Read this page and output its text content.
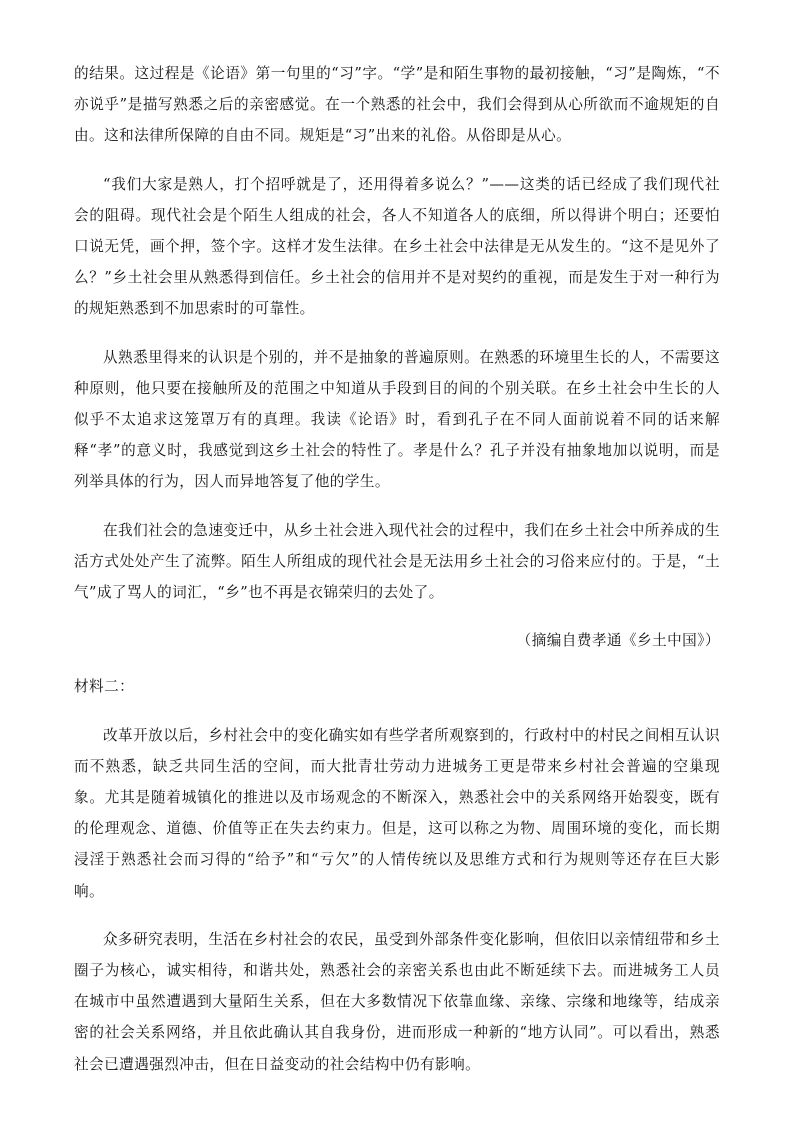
的结果。这过程是《论语》第一句里的“习”字。“学”是和陌生事物的最初接触，“习”是陶炼，“不亦说乎”是描写熟悉之后的亲密感觉。在一个熟悉的社会中，我们会得到从心所欲而不逾规矩的自由。这和法律所保障的自由不同。规矩是“习”出来的礼俗。从俗即是从心。

“我们大家是熟人，打个招呼就是了，还用得着多说么？”——这类的话已经成了我们现代社会的阻碍。现代社会是个陌生人组成的社会，各人不知道各人的底细，所以得讲个明白；还要怕口说无凭，画个押，签个字。这样才发生法律。在乡土社会中法律是无从发生的。“这不是见外了么？”乡土社会里从熟悉得到信任。乡土社会的信用并不是对契约的重视，而是发生于对一种行为的规矩熟悉到不加思索时的可靠性。

从熟悉里得来的认识是个别的，并不是抽象的普遍原则。在熟悉的环境里生长的人，不需要这种原则，他只要在接触所及的范围之中知道从手段到目的间的个别关联。在乡土社会中生长的人似乎不太追求这笼罩万有的真理。我读《论语》时，看到孔子在不同人面前说着不同的话来解释“孝”的意义时，我感觉到这乡土社会的特性了。孝是什么？孔子并没有抽象地加以说明，而是列举具体的行为，因人而异地答复了他的学生。

在我们社会的急速变迁中，从乡土社会进入现代社会的过程中，我们在乡土社会中所养成的生活方式处处产生了流弊。陌生人所组成的现代社会是无法用乡土社会的习俗来应付的。于是，“土气”成了骂人的词汇，“乡”也不再是衣锦荣归的去处了。

（摘编自费孝通《乡土中国》）

材料二：

改革开放以后，乡村社会中的变化确实如有些学者所观察到的，行政村中的村民之间相互认识而不熟悉，缺乏共同生活的空间，而大批青壮劳动力进城务工更是带来乡村社会普遍的空巢现象。尤其是随着城镇化的推进以及市场观念的不断深入，熟悉社会中的关系网络开始裂变，既有的伦理观念、道德、价值等正在失去约束力。但是，这可以称之为物、周围环境的变化，而长期浸淫于熟悉社会而习得的“给予”和“亏欠”的人情传统以及思维方式和行为规则等还存在巨大影响。

众多研究表明，生活在乡村社会的农民，虽受到外部条件变化影响，但依旧以亲情纽带和乡土圈子为核心，诚实相待，和谐共处，熟悉社会的亲密关系也由此不断延续下去。而进城务工人员在城市中虽然遭遇到大量陌生关系，但在大多数情况下依靠血缘、亲缘、宗缘和地缘等，结成亲密的社会关系网络，并且依此确认其自我身份，进而形成一种新的“地方认同”。可以看出，熟悉社会已遭遇强烈冲击，但在日益变动的社会结构中仍有影响。
